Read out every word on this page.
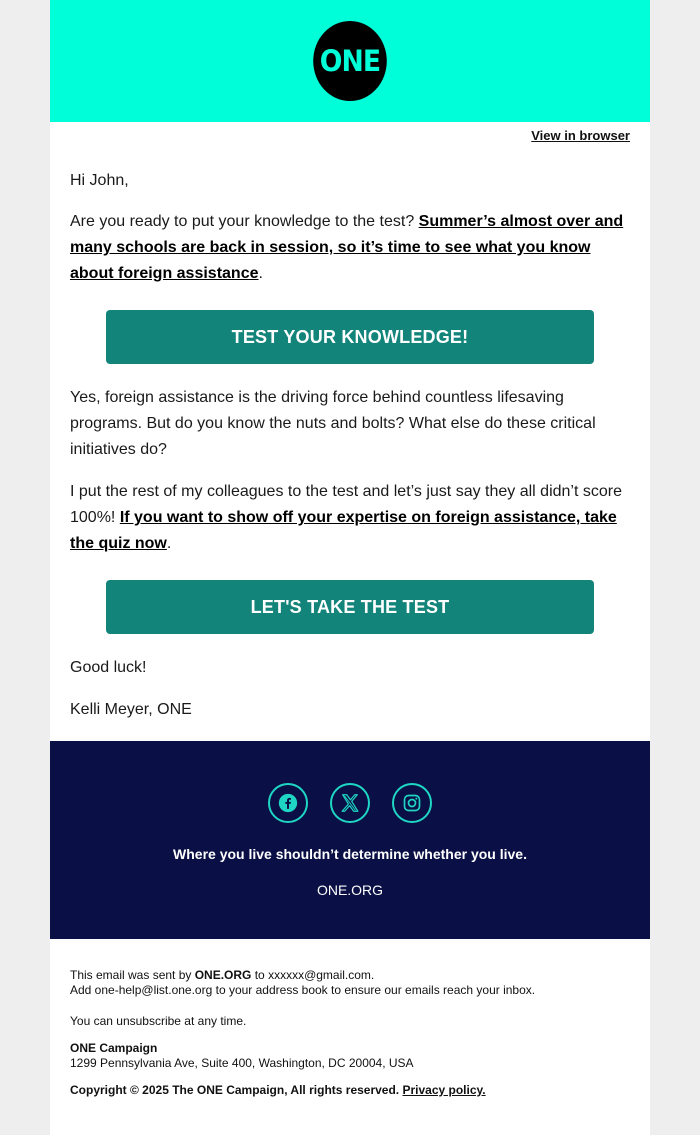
ONE
View in browser
Hi John,
Are you ready to put your knowledge to the test? Summer’s almost over and many schools are back in session, so it’s time to see what you know about foreign assistance.
TEST YOUR KNOWLEDGE!
Yes, foreign assistance is the driving force behind countless lifesaving programs. But do you know the nuts and bolts? What else do these critical initiatives do?
I put the rest of my colleagues to the test and let’s just say they all didn’t score 100%! If you want to show off your expertise on foreign assistance, take the quiz now.
LET'S TAKE THE TEST
Good luck!
Kelli Meyer, ONE
Where you live shouldn’t determine whether you live.
ONE.ORG
This email was sent by ONE.ORG to xxxxxx@gmail.com.
Add one-help@list.one.org to your address book to ensure our emails reach your inbox.
You can unsubscribe at any time.
ONE Campaign
1299 Pennsylvania Ave, Suite 400, Washington, DC 20004, USA
Copyright © 2025 The ONE Campaign, All rights reserved. Privacy policy.
